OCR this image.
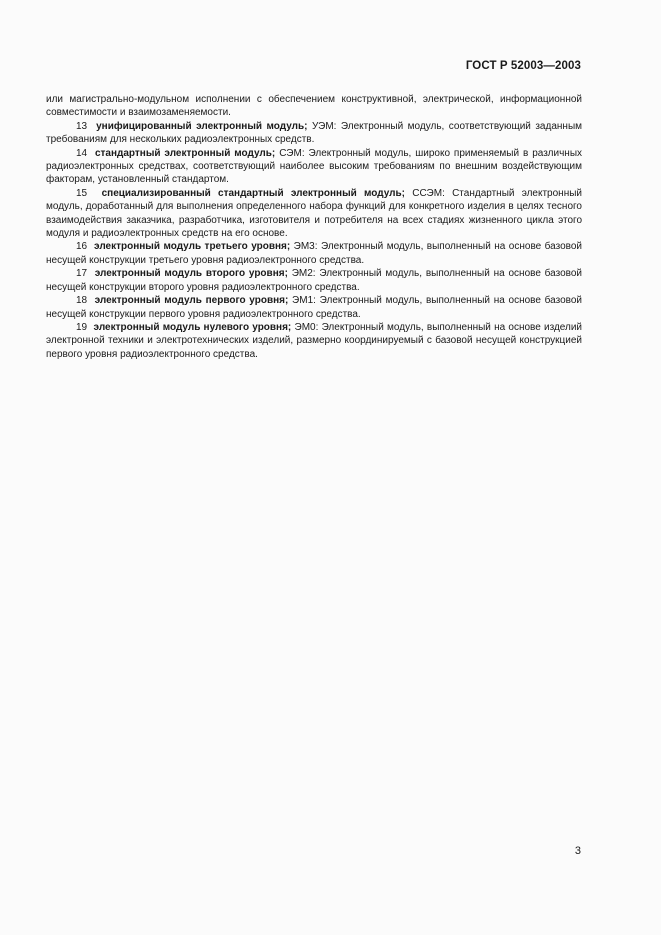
ГОСТ Р 52003—2003

или магистрально-модульном исполнении с обеспечением конструктивной, электрической, информационной совместимости и взаимозаменяемости.

13 унифицированный электронный модуль; УЭМ: Электронный модуль, соответствующий заданным требованиям для нескольких радиоэлектронных средств.

14 стандартный электронный модуль; СЭМ: Электронный модуль, широко применяемый в различных радиоэлектронных средствах, соответствующий наиболее высоким требованиям по внешним воздействующим факторам, установленный стандартом.

15 специализированный стандартный электронный модуль; ССЭМ: Стандартный электронный модуль, доработанный для выполнения определенного набора функций для конкретного изделия в целях тесного взаимодействия заказчика, разработчика, изготовителя и потребителя на всех стадиях жизненного цикла этого модуля и радиоэлектронных средств на его основе.

16 электронный модуль третьего уровня; ЭМ3: Электронный модуль, выполненный на основе базовой несущей конструкции третьего уровня радиоэлектронного средства.

17 электронный модуль второго уровня; ЭМ2: Электронный модуль, выполненный на основе базовой несущей конструкции второго уровня радиоэлектронного средства.

18 электронный модуль первого уровня; ЭМ1: Электронный модуль, выполненный на основе базовой несущей конструкции первого уровня радиоэлектронного средства.

19 электронный модуль нулевого уровня; ЭМ0: Электронный модуль, выполненный на основе изделий электронной техники и электротехнических изделий, размерно координируемый с базовой несущей конструкцией первого уровня радиоэлектронного средства.

3
